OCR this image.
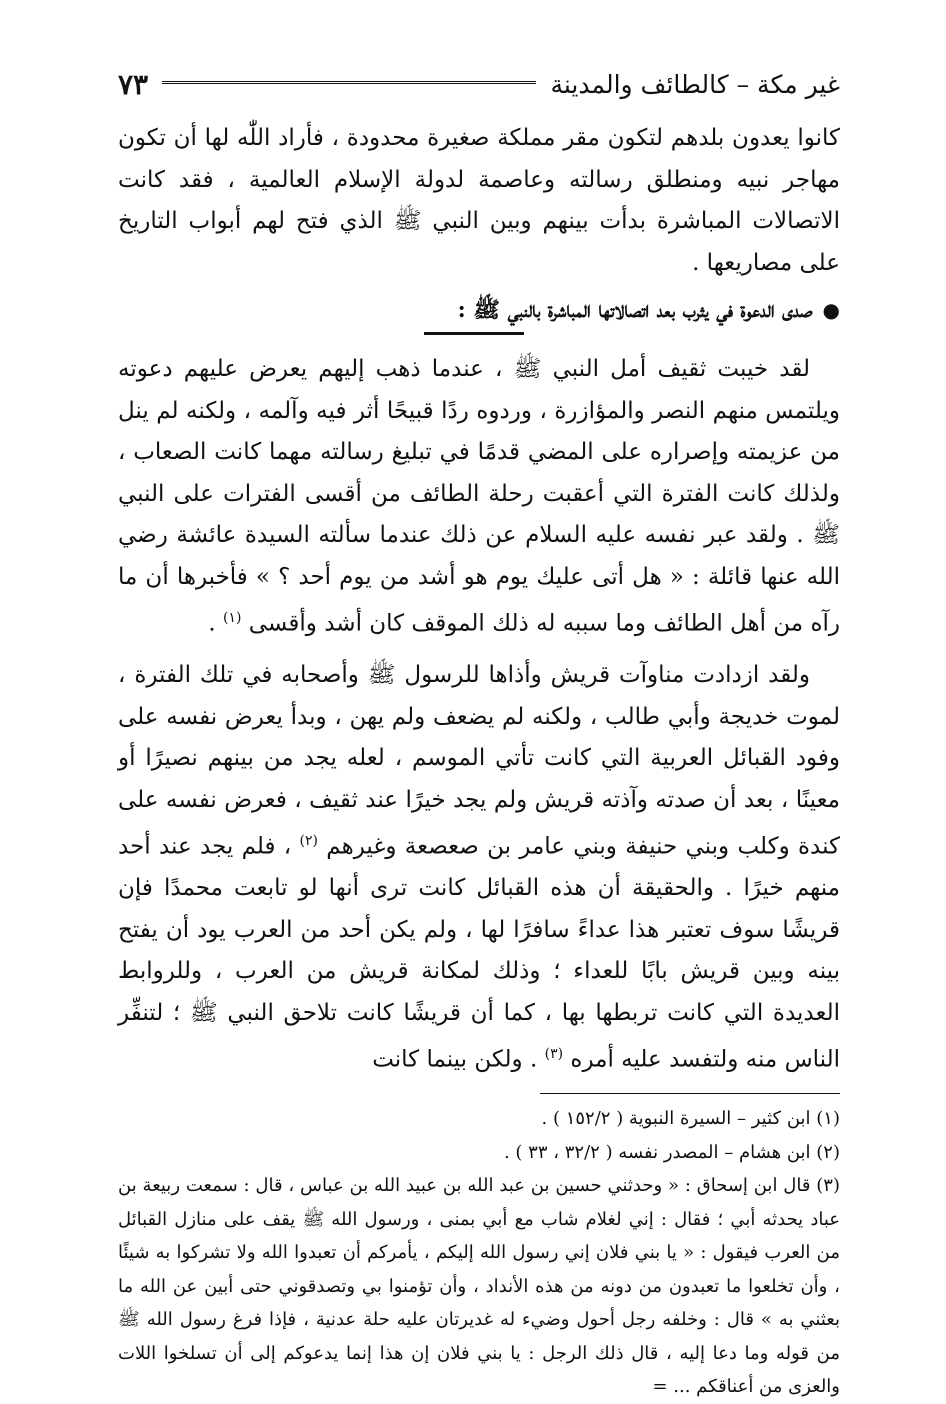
غير مكة – كالطائف والمدينة
٧٣

كانوا يعدون بلدهم لتكون مقر مملكة صغيرة محدودة ، فأراد اللّٰه لها أن تكون مهاجر نبيه ومنطلق رسالته وعاصمة لدولة الإسلام العالمية ، فقد كانت الاتصالات المباشرة بدأت بينهم وبين النبي ﷺ الذي فتح لهم أبواب التاريخ على مصاريعها .

●
صدى الدعوة في يثرب بعد اتصالاتها المباشرة بالنبي ﷺ :

لقد خيبت ثقيف أمل النبي ﷺ ، عندما ذهب إليهم يعرض عليهم دعوته ويلتمس منهم النصر والمؤازرة ، وردوه ردًا قبيحًا أثر فيه وآلمه ، ولكنه لم ينل من عزيمته وإصراره على المضي قدمًا في تبليغ رسالته مهما كانت الصعاب ، ولذلك كانت الفترة التي أعقبت رحلة الطائف من أقسى الفترات على النبي ﷺ . ولقد عبر نفسه عليه السلام عن ذلك عندما سألته السيدة عائشة رضي الله عنها قائلة : « هل أتى عليك يوم هو أشد من يوم أحد ؟ » فأخبرها أن ما رآه من أهل الطائف وما سببه له ذلك الموقف كان أشد وأقسى $^{(١)}$ .

ولقد ازدادت مناوآت قريش وأذاها للرسول ﷺ وأصحابه في تلك الفترة ، لموت خديجة وأبي طالب ، ولكنه لم يضعف ولم يهن ، وبدأ يعرض نفسه على وفود القبائل العربية التي كانت تأتي الموسم ، لعله يجد من بينهم نصيرًا أو معينًا ، بعد أن صدته وآذته قريش ولم يجد خيرًا عند ثقيف ، فعرض نفسه على كندة وكلب وبني حنيفة وبني عامر بن صعصعة وغيرهم $^{(٢)}$ ، فلم يجد عند أحد منهم خيرًا . والحقيقة أن هذه القبائل كانت ترى أنها لو تابعت محمدًا فإن قريشًا سوف تعتبر هذا عداءً سافرًا لها ، ولم يكن أحد من العرب يود أن يفتح بينه وبين قريش بابًا للعداء ؛ وذلك لمكانة قريش من العرب ، وللروابط العديدة التي كانت تربطها بها ، كما أن قريشًا كانت تلاحق النبي ﷺ ؛ لتنفِّر الناس منه ولتفسد عليه أمره $^{(٣)}$ . ولكن بينما كانت

(١) ابن كثير – السيرة النبوية ( ١٥٢/٢ ) .

(٢) ابن هشام – المصدر نفسه ( ٣٢/٢ ، ٣٣ ) .

(٣) قال ابن إسحاق : « وحدثني حسين بن عبد الله بن عبيد الله بن عباس ، قال : سمعت ربيعة بن عباد يحدثه أبي ؛ فقال : إني لغلام شاب مع أبي بمنى ، ورسول الله ﷺ يقف على منازل القبائل من العرب فيقول : « يا بني فلان إني رسول الله إليكم ، يأمركم أن تعبدوا الله ولا تشركوا به شيئًا ، وأن تخلعوا ما تعبدون من دونه من هذه الأنداد ، وأن تؤمنوا بي وتصدقوني حتى أبين عن الله ما بعثني به » قال : وخلفه رجل أحول وضيء له غديرتان عليه حلة عدنية ، فإذا فرغ رسول الله ﷺ من قوله وما دعا إليه ، قال ذلك الرجل : يا بني فلان إن هذا إنما يدعوكم إلى أن تسلخوا اللات والعزى من أعناقكم ... =
